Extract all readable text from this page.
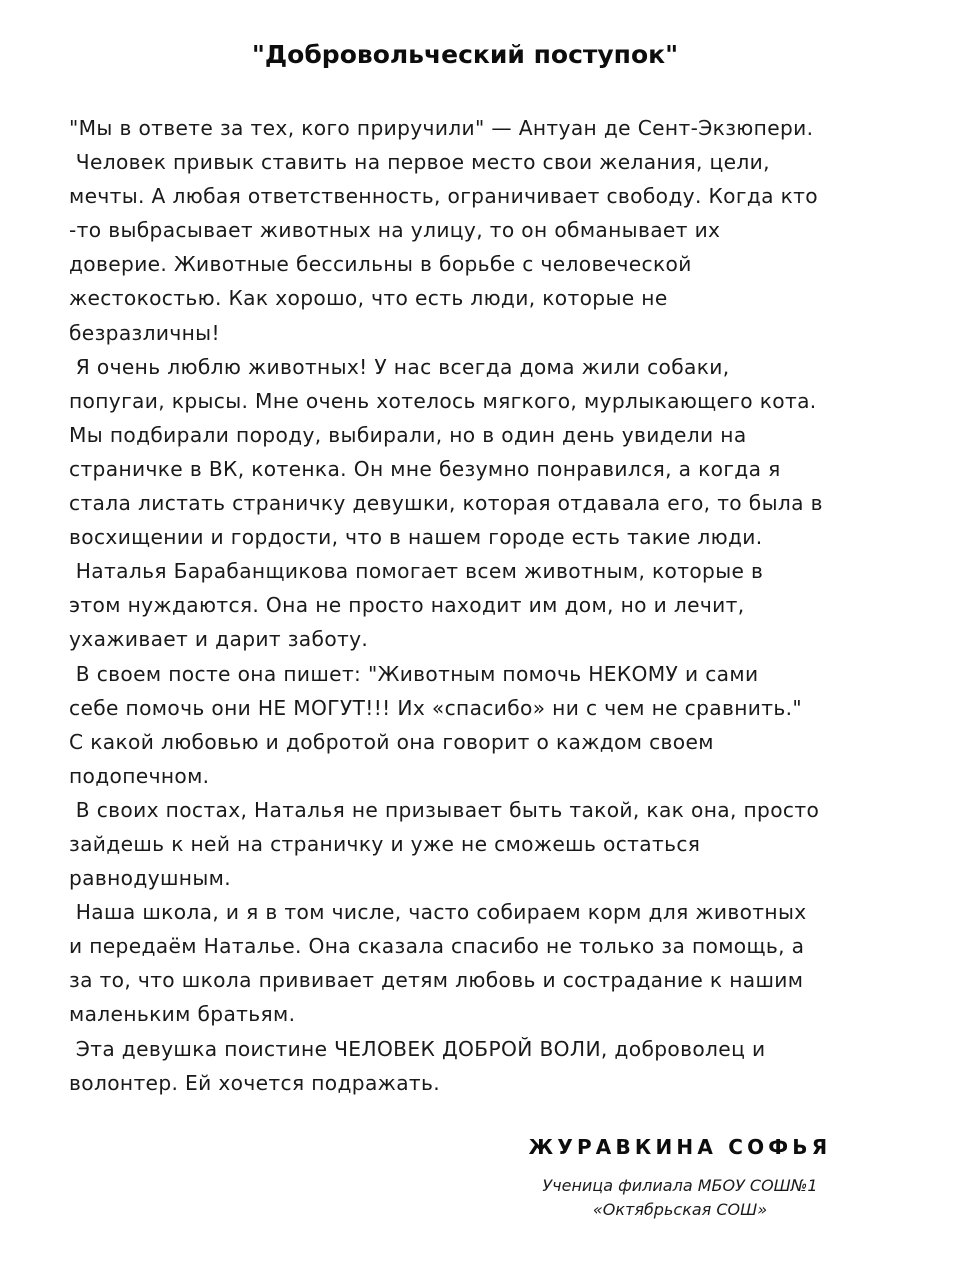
"Добровольческий поступок"
"Мы в ответе за тех, кого приручили" — Антуан де Сент-Экзюпери.
Человек привык ставить на первое место свои желания, цели,
мечты. А любая ответственность, ограничивает свободу. Когда кто
-то выбрасывает животных на улицу, то он обманывает их
доверие. Животные бессильны в борьбе с человеческой
жестокостью. Как хорошо, что есть люди, которые не
безразличны!
Я очень люблю животных! У нас всегда дома жили собаки,
попугаи, крысы. Мне очень хотелось мягкого, мурлыкающего кота.
Мы подбирали породу, выбирали, но в один день увидели на
страничке в ВК, котенка. Он мне безумно понравился, а когда я
стала листать страничку девушки, которая отдавала его, то была в
восхищении и гордости, что в нашем городе есть такие люди.
Наталья Барабанщикова помогает всем животным, которые в
этом нуждаются. Она не просто находит им дом, но и лечит,
ухаживает и дарит заботу.
В своем посте она пишет: "Животным помочь НЕКОМУ и сами
себе помочь они НЕ МОГУТ!!! Их «спасибо» ни с чем не сравнить."
С какой любовью и добротой она говорит о каждом своем
подопечном.
В своих постах, Наталья не призывает быть такой, как она, просто
зайдешь к ней на страничку и уже не сможешь остаться
равнодушным.
Наша школа, и я в том числе, часто собираем корм для животных
и передаём Наталье. Она сказала спасибо не только за помощь, а
за то, что школа прививает детям любовь и сострадание к нашим
маленьким братьям.
Эта девушка поистине ЧЕЛОВЕК ДОБРОЙ ВОЛИ, доброволец и
волонтер. Ей хочется подражать.
ЖУРАВКИНА СОФЬЯ
Ученица филиала МБОУ СОШ№1
«Октябрьская СОШ»
